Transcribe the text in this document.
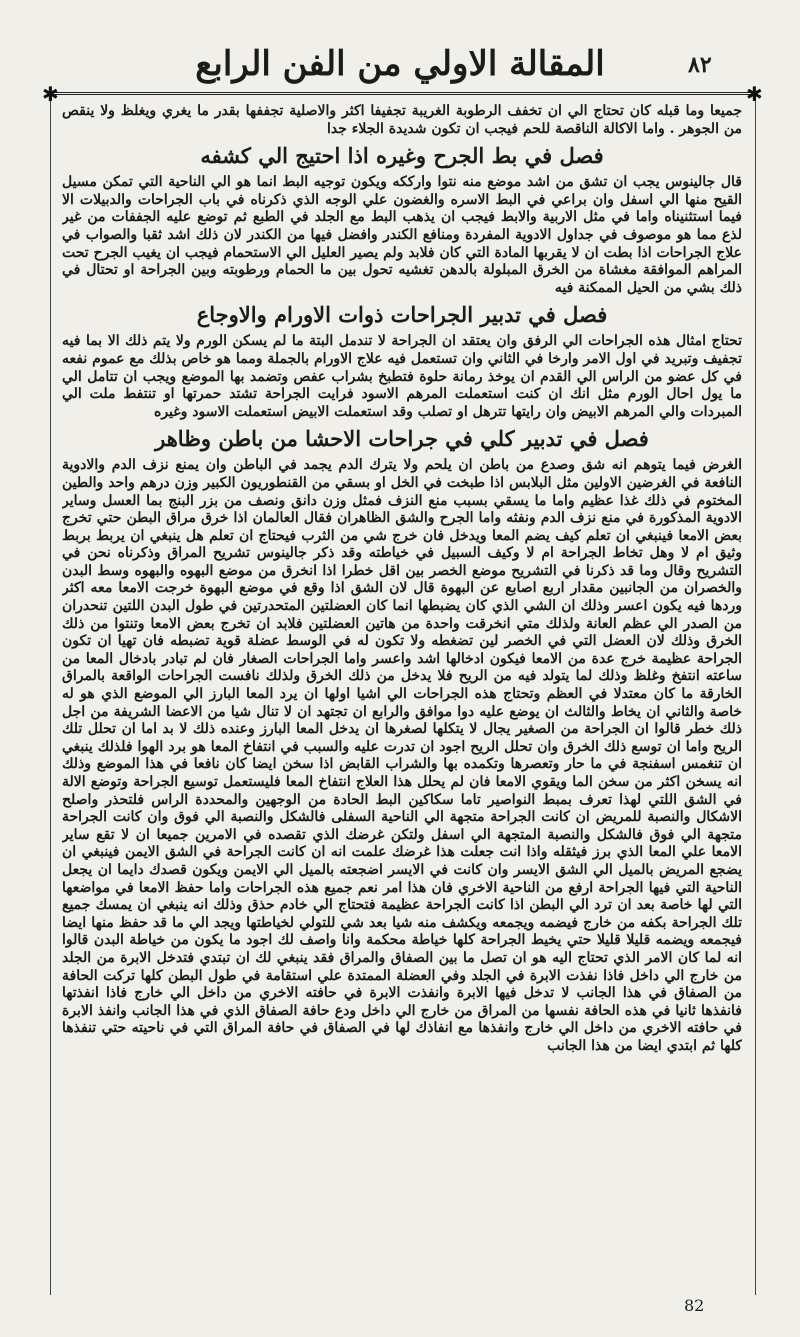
المقالة الاولي من الفن الرابع	٨٢
✱	✱

جميعا وما قبله كان تحتاج الي ان تخفف الرطوبة الغريبة تجفيفا اكثر والاصلية تجففها بقدر ما يغري ويغلظ ولا ينقص من الجوهر . واما الاكالة الناقصة للحم فيجب ان تكون شديدة الجلاء جدا

فصل في بط الجرح وغيره اذا احتيج الي كشفه

قال جالينوس يجب ان تشق من اشد موضع منه نتوا وارككه ويكون توجيه البط انما هو الي الناحية التي تمكن مسيل القيح منها الي اسفل وان براعي في البط الاسره والغضون علي الوجه الذي ذكرناه في باب الجراحات والدبيلات الا فيما استثنيناه واما في مثل الاربية والابط فيجب ان يذهب البط مع الجلد في الطبع ثم توضع عليه الجففات من غير لذع مما هو موصوف في جداول الادوية المفردة ومنافع الكندر وافضل فيها من الكندر لان ذلك اشد ثقبا والصواب في علاج الجراحات اذا بطت ان لا يقربها المادة التي كان فلابد ولم يصير العليل الي الاستحمام فيجب ان يغيب الجرح تحت المراهم الموافقة مغشاة من الخرق المبلولة بالدهن تغشيه تحول بين ما الحمام ورطوبته وبين الجراحة او تحتال في ذلك بشي من الحيل الممكنة فيه

فصل في تدبير الجراحات ذوات الاورام والاوجاع

تحتاج امثال هذه الجراحات الي الرفق وان يعتقد ان الجراحة لا تندمل البتة ما لم يسكن الورم ولا يتم ذلك الا بما فيه تجفيف وتبريد في اول الامر وارخا في الثاني وان تستعمل فيه علاج الاورام بالجملة ومما هو خاص بذلك مع عموم نفعه في كل عضو من الراس الي القدم ان يوخذ رمانة حلوة فتطبخ بشراب عفص وتضمد بها الموضع ويجب ان تتامل الي ما يول احال الورم مثل انك ان كنت استعملت المرهم الاسود فرايت الجراحة تشتد حمرتها او تنتفط ملت الي المبردات والي المرهم الابيض وان رايتها تترهل او تصلب وقد استعملت الابيض استعملت الاسود وغيره

فصل في تدبير كلي في جراحات الاحشا من باطن وظاهر

الغرض فيما يتوهم انه شق وصدع من باطن ان يلحم ولا يترك الدم يجمد في الباطن وان يمنع نزف الدم والادوية النافعة في الغرضين الاولين مثل البلابس اذا طبخت في الخل او بسقي من القنطوريون الكبير وزن درهم واحد والطين المختوم في ذلك غذا عظيم واما ما يسقي بسبب منع النزف فمثل وزن دانق ونصف من بزر البنج بما العسل وساير الادوية المذكورة في منع نزف الدم ونفثه واما الجرح والشق الظاهران فقال العالمان اذا خرق مراق البطن حتي تخرج بعض الامعا فينبغي ان تعلم كيف يضم المعا ويدخل فان خرج شي من الثرب فيحتاج ان تعلم هل ينبغي ان يربط بربط وثيق ام لا وهل تخاط الجراحة ام لا وكيف السبيل في خياطته وقد ذكر جالينوس تشريح المراق وذكرناه نحن في التشريح وقال وما قد ذكرنا في التشريح موضع الخصر بين اقل خطرا اذا انخرق من موضع البهوه والبهوه وسط البدن والخصران من الجانبين مقدار اربع اصابع عن البهوة قال لان الشق اذا وقع في موضع البهوة خرجت الامعا معه اكثر وردها فيه يكون اعسر وذلك ان الشي الذي كان يضبطها انما كان العضلتين المتحدرتين في طول البدن اللتين تنحدران من الصدر الي عظم العانة ولذلك متي انخرقت واحدة من هاتين العضلتين فلابد ان تخرج بعض الامعا وتنتوا من ذلك الخرق وذلك لان العضل التي في الخصر لين تضغطه ولا تكون له في الوسط عضلة قوية تضبطه فان تهيا ان تكون الجراحة عظيمة خرج عدة من الامعا فيكون ادخالها اشد واعسر واما الجراحات الصغار فان لم تبادر بادخال المعا من ساعته انتفخ وغلظ وذلك لما يتولد فيه من الريح فلا يدخل من ذلك الخرق ولذلك نافست الجراحات الواقعة بالمراق الخارقة ما كان معتدلا في العظم وتحتاج هذه الجراحات الي اشيا اولها ان يرد المعا البارز الي الموضع الذي هو له خاصة والثاني ان يخاط والثالث ان يوضع عليه دوا موافق والرابع ان تجتهد ان لا تنال شيا من الاعضا الشريفة من اجل ذلك خطر قالوا ان الجراحة من الصغير يجال لا يتكلها لصغرها ان يدخل المعا البارز وعنده ذلك لا بد اما ان تحلل تلك الريح واما ان توسع ذلك الخرق وان تحلل الريح اجود ان تدرت عليه والسبب في انتفاخ المعا هو برد الهوا فلذلك ينبغي ان تنغمس اسفنجة في ما حار وتعصرها وتكمده بها والشراب القابض اذا سخن ايضا كان نافعا في هذا الموضع وذلك انه يسخن اكثر من سخن الما ويقوي الامعا فان لم يحلل هذا العلاج انتفاخ المعا فليستعمل توسيع الجراحة وتوضع الالة في الشق اللتي لهذا تعرف بمبط النواصير تاما سكاكين البط الحادة من الوجهين والمحددة الراس فلتحذر واصلح الاشكال والنصبة للمريض ان كانت الجراحة متجهة الي الناحية السفلى فالشكل والنصبة الي فوق وان كانت الجراحة متجهة الي فوق فالشكل والنصبة المتجهة الي اسفل ولتكن غرضك الذي تقصده في الامرين جميعا ان لا تقع ساير الامعا علي المعا الذي برز فيثقله واذا انت جعلت هذا غرضك علمت انه ان كانت الجراحة في الشق الايمن فينبغي ان يضجع المريض بالميل الي الشق الايسر وان كانت في الايسر اضجعته بالميل الي الايمن ويكون قصدك دايما ان يجعل الناحية التي فيها الجراحة ارفع من الناحية الاخري فان هذا امر نعم جميع هذه الجراحات واما حفظ الامعا في مواضعها التي لها خاصة بعد ان ترد الي البطن اذا كانت الجراحة عظيمة فتحتاج الي خادم حذق وذلك انه ينبغي ان يمسك جميع تلك الجراحة بكفه من خارج فيضمه ويجمعه ويكشف منه شيا بعد شي للتولي لخياطتها ويجد الي ما قد حفظ منها ايضا فيجمعه ويضمه قليلا قليلا حتي يخيط الجراحة كلها خياطة محكمة وانا واصف لك اجود ما يكون من خياطة البدن قالوا انه لما كان الامر الذي تحتاج اليه هو ان تصل ما بين الصفاق والمراق فقد ينبغي لك ان تبتدي فتدخل الابرة من الجلد من خارج الي داخل فاذا نفذت الابرة في الجلد وفي العضلة الممتدة علي استقامة في طول البطن كلها تركت الحافة من الصفاق في هذا الجانب لا تدخل فيها الابرة وانفذت الابرة في حافته الاخري من داخل الي خارج فاذا انفذتها فانفذها ثانيا في هذه الحافة نفسها من المراق من خارج الي داخل ودع حافة الصفاق الذي في هذا الجانب وانفذ الابرة في حافته الاخري من داخل الي خارج وانفذها مع انفاذك لها في الصفاق في حافة المراق التي في ناحيته حتي تنفذها كلها ثم ابتدي ايضا من هذا الجانب

82
